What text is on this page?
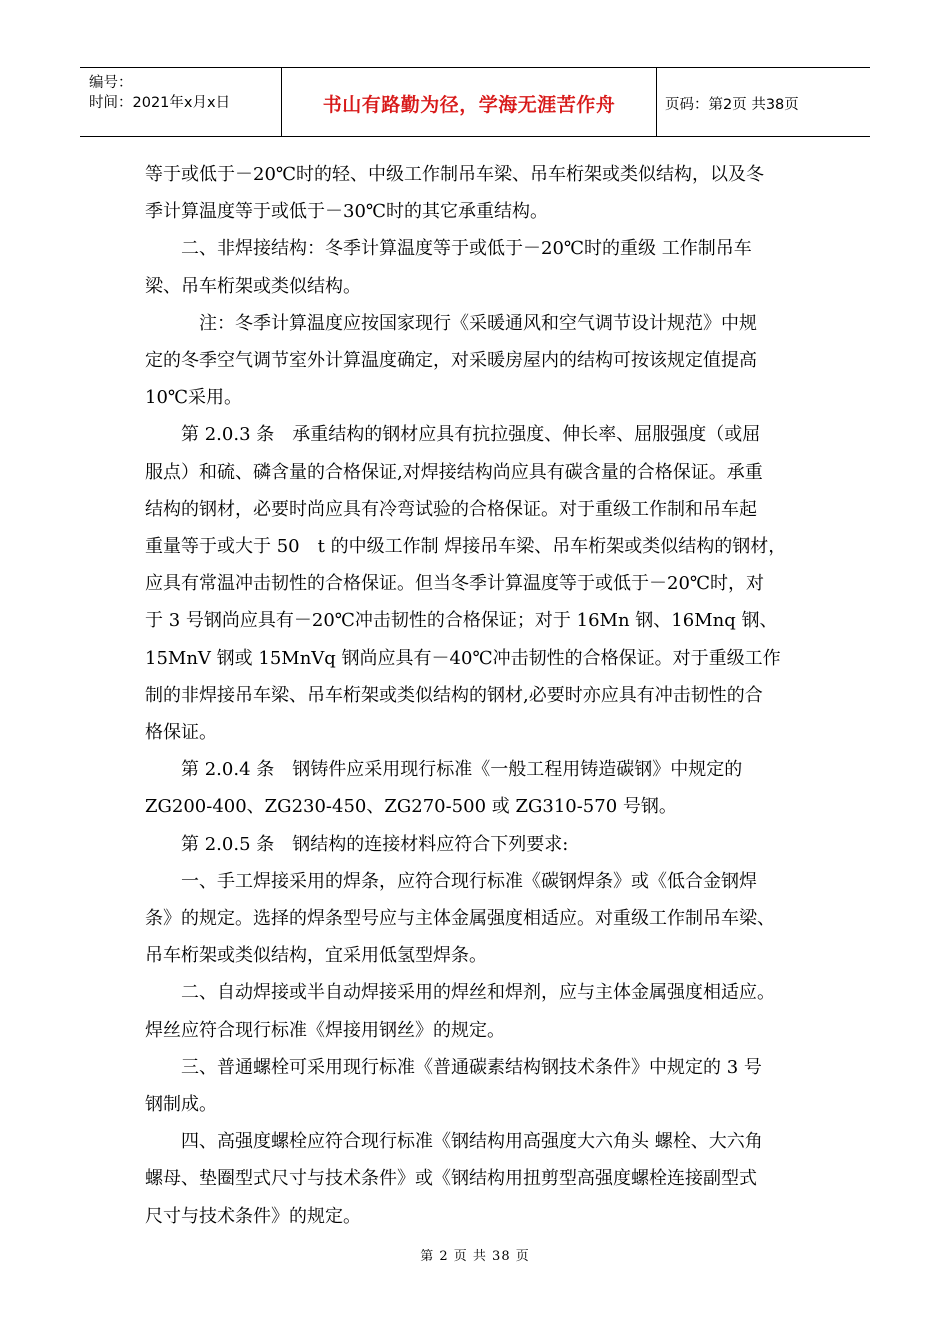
编号：
时间：2021年x月x日	书山有路勤为径，学海无涯苦作舟	页码：第2页 共38页

等于或低于－20℃时的轻、中级工作制吊车梁、吊车桁架或类似结构，以及冬

季计算温度等于或低于－30℃时的其它承重结构。

　　二、非焊接结构：冬季计算温度等于或低于－20℃时的重级 工作制吊车

梁、吊车桁架或类似结构。

　　　注：冬季计算温度应按国家现行《采暖通风和空气调节设计规范》中规

定的冬季空气调节室外计算温度确定，对采暖房屋内的结构可按该规定值提高

10℃采用。

　　第 2.0.3 条　承重结构的钢材应具有抗拉强度、伸长率、屈服强度（或屈

服点）和硫、磷含量的合格保证,对焊接结构尚应具有碳含量的合格保证。承重

结构的钢材，必要时尚应具有冷弯试验的合格保证。对于重级工作制和吊车起

重量等于或大于 50　t 的中级工作制 焊接吊车梁、吊车桁架或类似结构的钢材，

应具有常温冲击韧性的合格保证。但当冬季计算温度等于或低于－20℃时，对

于 3 号钢尚应具有－20℃冲击韧性的合格保证；对于 16Mn 钢、16Mnq 钢、

15MnV 钢或 15MnVq 钢尚应具有－40℃冲击韧性的合格保证。对于重级工作

制的非焊接吊车梁、吊车桁架或类似结构的钢材,必要时亦应具有冲击韧性的合

格保证。

　　第 2.0.4 条　钢铸件应采用现行标准《一般工程用铸造碳钢》中规定的

ZG200-400、ZG230-450、ZG270-500 或 ZG310-570 号钢。

　　第 2.0.5 条　钢结构的连接材料应符合下列要求:

　　一、手工焊接采用的焊条，应符合现行标准《碳钢焊条》或《低合金钢焊

条》的规定。选择的焊条型号应与主体金属强度相适应。对重级工作制吊车梁、

吊车桁架或类似结构，宜采用低氢型焊条。

　　二、自动焊接或半自动焊接采用的焊丝和焊剂，应与主体金属强度相适应。

焊丝应符合现行标准《焊接用钢丝》的规定。

　　三、普通螺栓可采用现行标准《普通碳素结构钢技术条件》中规定的 3 号

钢制成。

　　四、高强度螺栓应符合现行标准《钢结构用高强度大六角头 螺栓、大六角

螺母、垫圈型式尺寸与技术条件》或《钢结构用扭剪型高强度螺栓连接副型式

尺寸与技术条件》的规定。

第 2 页 共 38 页
